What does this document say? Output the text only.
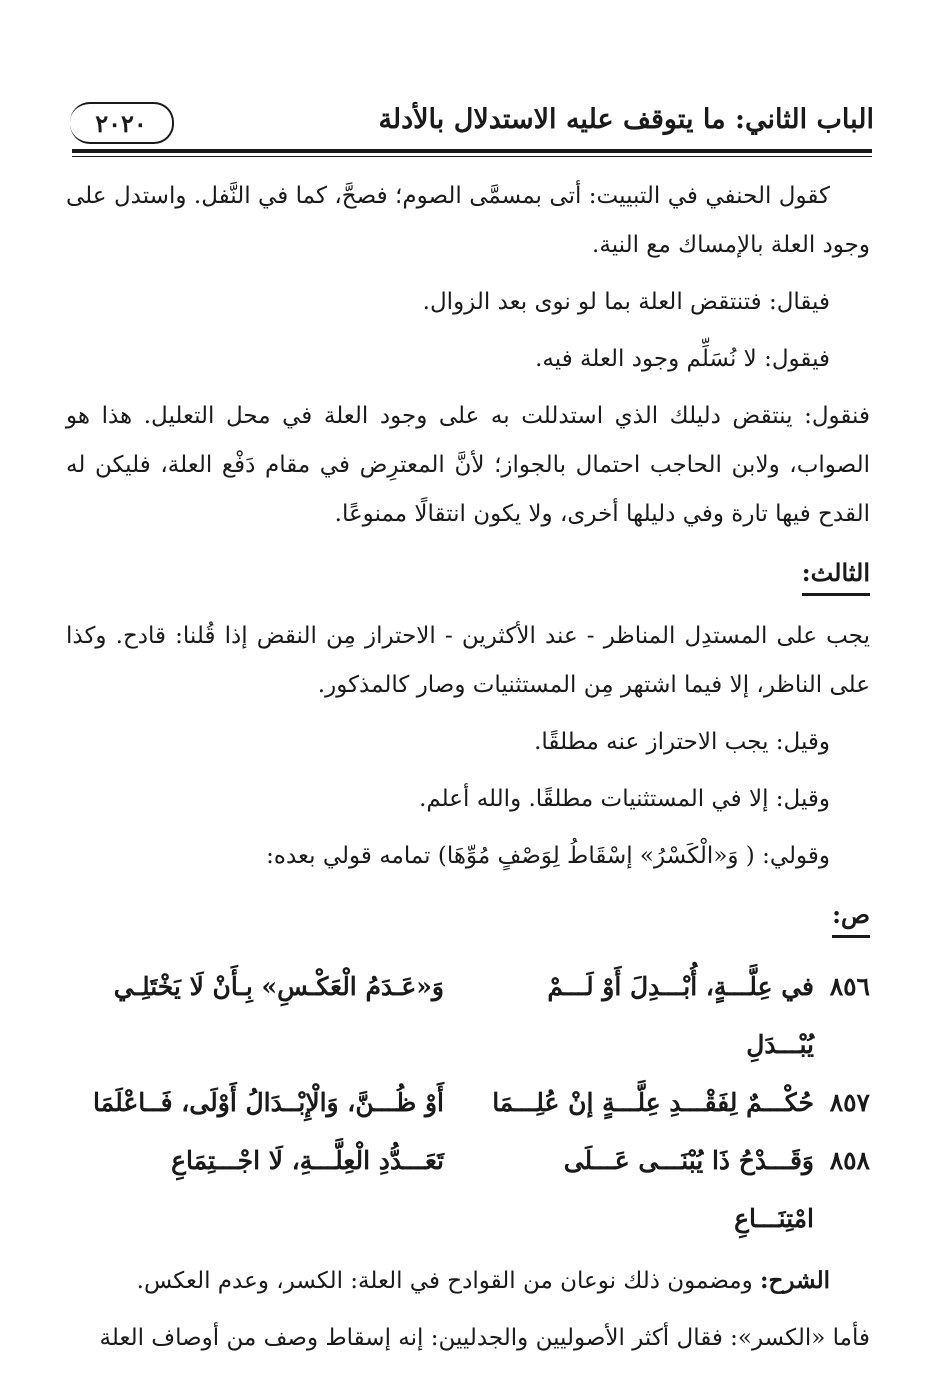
الباب الثاني: ما يتوقف عليه الاستدلال بالأدلة
٢٠٢٠

كقول الحنفي في التبييت: أتى بمسمَّى الصوم؛ فصحَّ، كما في النَّفل. واستدل على وجود العلة بالإمساك مع النية.

فيقال: فتنتقض العلة بما لو نوى بعد الزوال.

فيقول: لا نُسَلِّم وجود العلة فيه.

فنقول: ينتقض دليلك الذي استدللت به على وجود العلة في محل التعليل. هذا هو الصواب، ولابن الحاجب احتمال بالجواز؛ لأنَّ المعترِض في مقام دَفْع العلة، فليكن له القدح فيها تارة وفي دليلها أخرى، ولا يكون انتقالًا ممنوعًا.

الثالث:

يجب على المستدِل المناظر - عند الأكثرين - الاحتراز مِن النقض إذا قُلنا: قادح. وكذا على الناظر، إلا فيما اشتهر مِن المستثنيات وصار كالمذكور.

وقيل: يجب الاحتراز عنه مطلقًا.

وقيل: إلا في المستثنيات مطلقًا. والله أعلم.

وقولي: ( وَ«الْكَسْرُ» إسْقَاطُ لِوَصْفٍ مُوِّهَا) تمامه قولي بعده:

ص:
٨٥٦
في عِلَّـــةٍ، أُبْـــدِلَ أَوْ لَـــمْ يُبْـــدَلِ
وَ«عَـدَمُ الْعَكْـسِ» بِـأَنْ لَا يَخْتَلِـي
٨٥٧
حُكْـــمٌ لِفَقْـــدِ عِلَّـــةٍ إنْ عُلِـــمَا
أَوْ ظُـــنَّ، وَالْإِبْــدَالُ أَوْلَى، فَــاعْلَمَا
٨٥٨
وَقَـــدْحُ ذَا يُبْنَـــى عَـــلَى امْتِنَـــاعِ
تَعَـــدُّدِ الْعِلَّـــةِ، لَا اجْـــتِمَاعِ

الشرح: ومضمون ذلك نوعان من القوادح في العلة: الكسر، وعدم العكس.

فأما «الكسر»: فقال أكثر الأصوليين والجدليين: إنه إسقاط وصف من أوصاف العلة
